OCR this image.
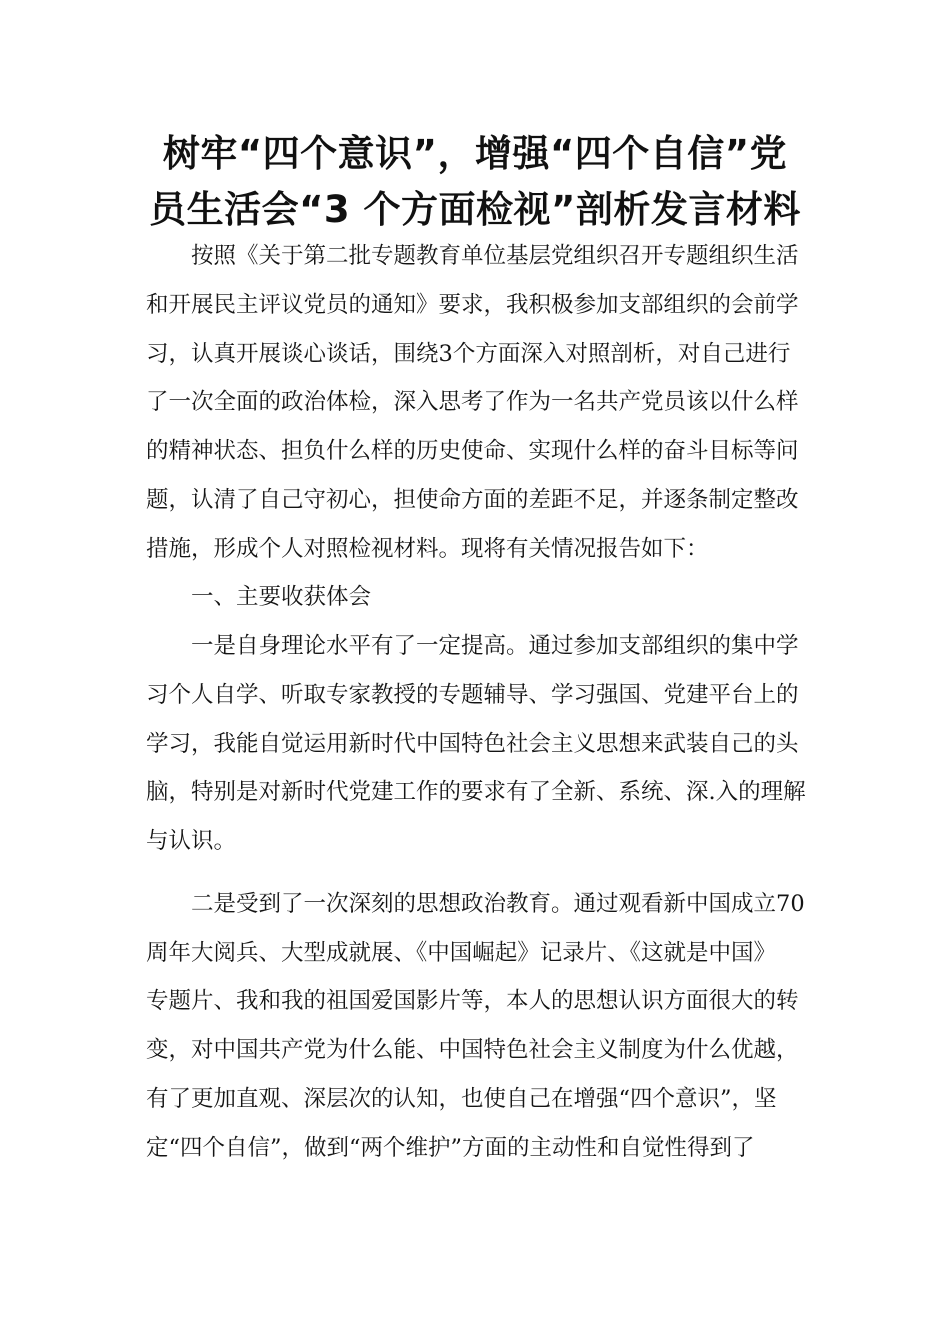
树牢“四个意识”，增强“四个自信”党
员生活会“3 个方面检视”剖析发言材料
按照《关于第二批专题教育单位基层党组织召开专题组织生活
和开展民主评议党员的通知》要求，我积极参加支部组织的会前学
习，认真开展谈心谈话，围绕3个方面深入对照剖析，对自己进行
了一次全面的政治体检，深入思考了作为一名共产党员该以什么样
的精神状态、担负什么样的历史使命、实现什么样的奋斗目标等问
题，认清了自己守初心，担使命方面的差距不足，并逐条制定整改
措施，形成个人对照检视材料。现将有关情况报告如下：
一、主要收获体会
一是自身理论水平有了一定提高。通过参加支部组织的集中学
习个人自学、听取专家教授的专题辅导、学习强国、党建平台上的
学习，我能自觉运用新时代中国特色社会主义思想来武装自己的头
脑，特别是对新时代党建工作的要求有了全新、系统、深.入的理解
与认识。
二是受到了一次深刻的思想政治教育。通过观看新中国成立70
周年大阅兵、大型成就展、《中国崛起》记录片、《这就是中国》
专题片、我和我的祖国爱国影片等，本人的思想认识方面很大的转
变，对中国共产党为什么能、中国特色社会主义制度为什么优越，
有了更加直观、深层次的认知，也使自己在增强“四个意识”，坚
定“四个自信”，做到“两个维护”方面的主动性和自觉性得到了
